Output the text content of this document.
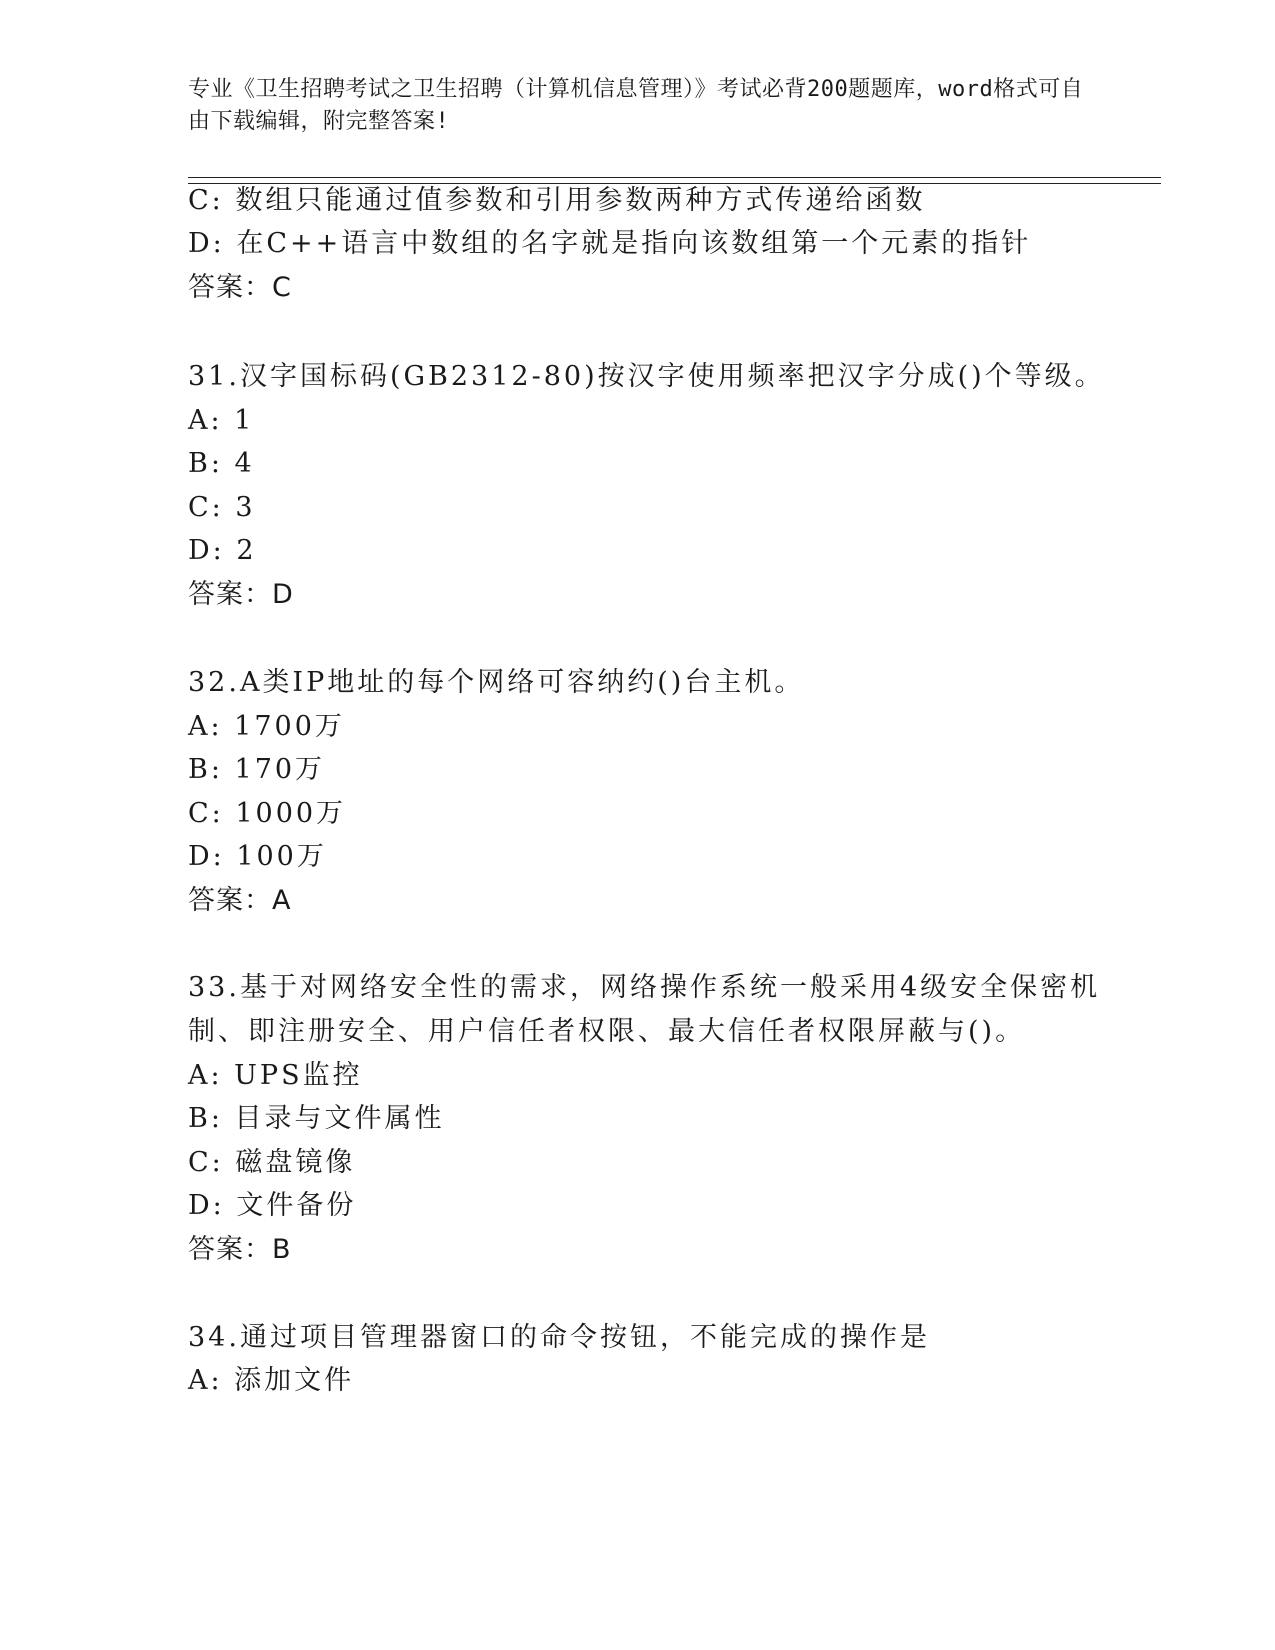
专业《卫生招聘考试之卫生招聘（计算机信息管理）》考试必背200题题库，word格式可自由下载编辑，附完整答案!
C: 数组只能通过值参数和引用参数两种方式传递给函数
D: 在C++语言中数组的名字就是指向该数组第一个元素的指针
答案：C
31.汉字国标码(GB2312-80)按汉字使用频率把汉字分成()个等级。
A: 1
B: 4
C: 3
D: 2
答案：D
32.A类IP地址的每个网络可容纳约()台主机。
A: 1700万
B: 170万
C: 1000万
D: 100万
答案：A
33.基于对网络安全性的需求，网络操作系统一般采用4级安全保密机
制、即注册安全、用户信任者权限、最大信任者权限屏蔽与()。
A: UPS监控
B: 目录与文件属性
C: 磁盘镜像
D: 文件备份
答案：B
34.通过项目管理器窗口的命令按钮，不能完成的操作是
A: 添加文件
